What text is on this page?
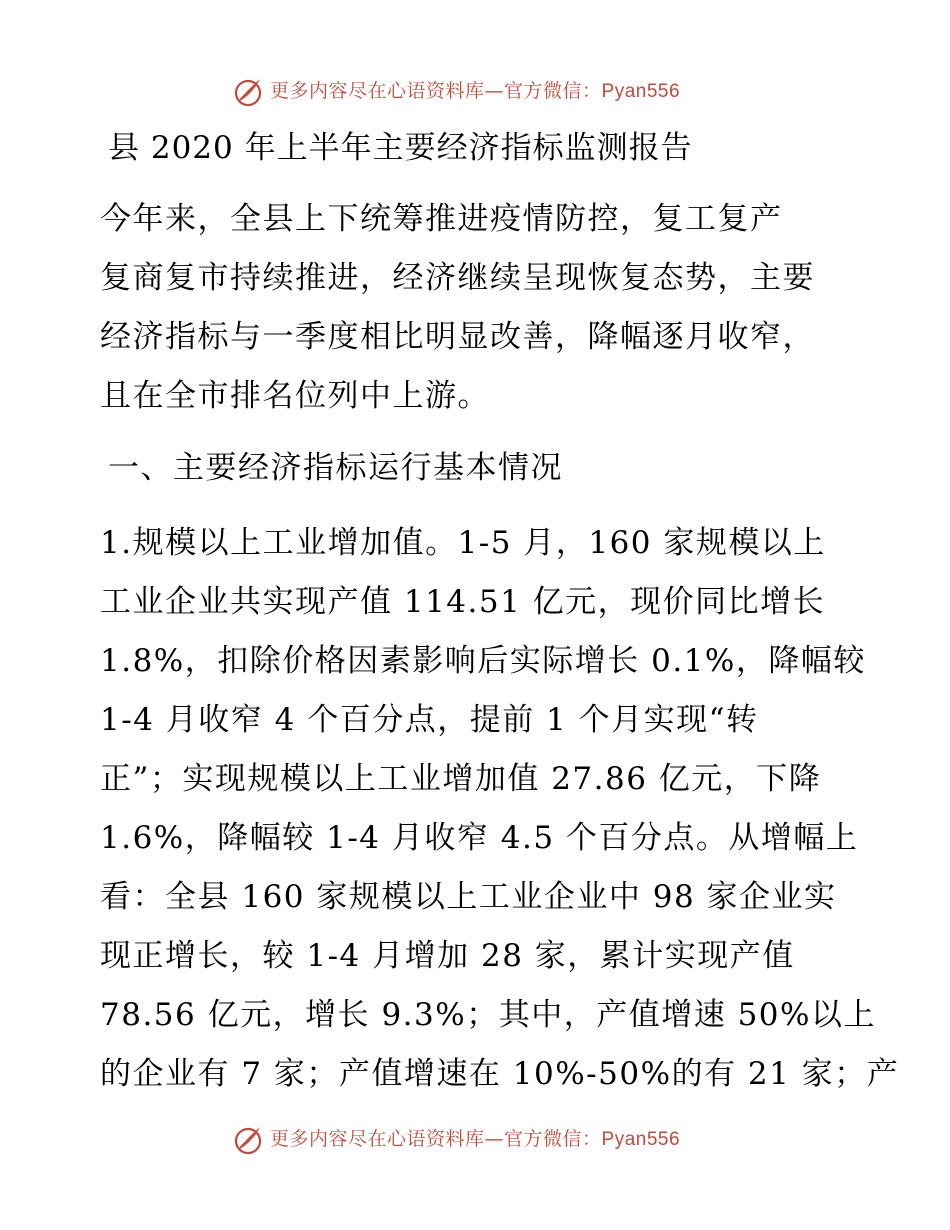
更多内容尽在心语资料库—官方微信：Pyan556
县 2020 年上半年主要经济指标监测报告
今年来，全县上下统筹推进疫情防控，复工复产
复商复市持续推进，经济继续呈现恢复态势，主要
经济指标与一季度相比明显改善，降幅逐月收窄，
且在全市排名位列中上游。
一、主要经济指标运行基本情况
1.规模以上工业增加值。1-5 月，160 家规模以上
工业企业共实现产值 114.51 亿元，现价同比增长
1.8%，扣除价格因素影响后实际增长 0.1%，降幅较
1-4 月收窄 4 个百分点，提前 1 个月实现“转
正”；实现规模以上工业增加值 27.86 亿元，下降
1.6%，降幅较 1-4 月收窄 4.5 个百分点。从增幅上
看：全县 160 家规模以上工业企业中 98 家企业实
现正增长，较 1-4 月增加 28 家，累计实现产值
78.56 亿元，增长 9.3%；其中，产值增速 50%以上
的企业有 7 家；产值增速在 10%-50%的有 21 家；产
更多内容尽在心语资料库—官方微信：Pyan556
